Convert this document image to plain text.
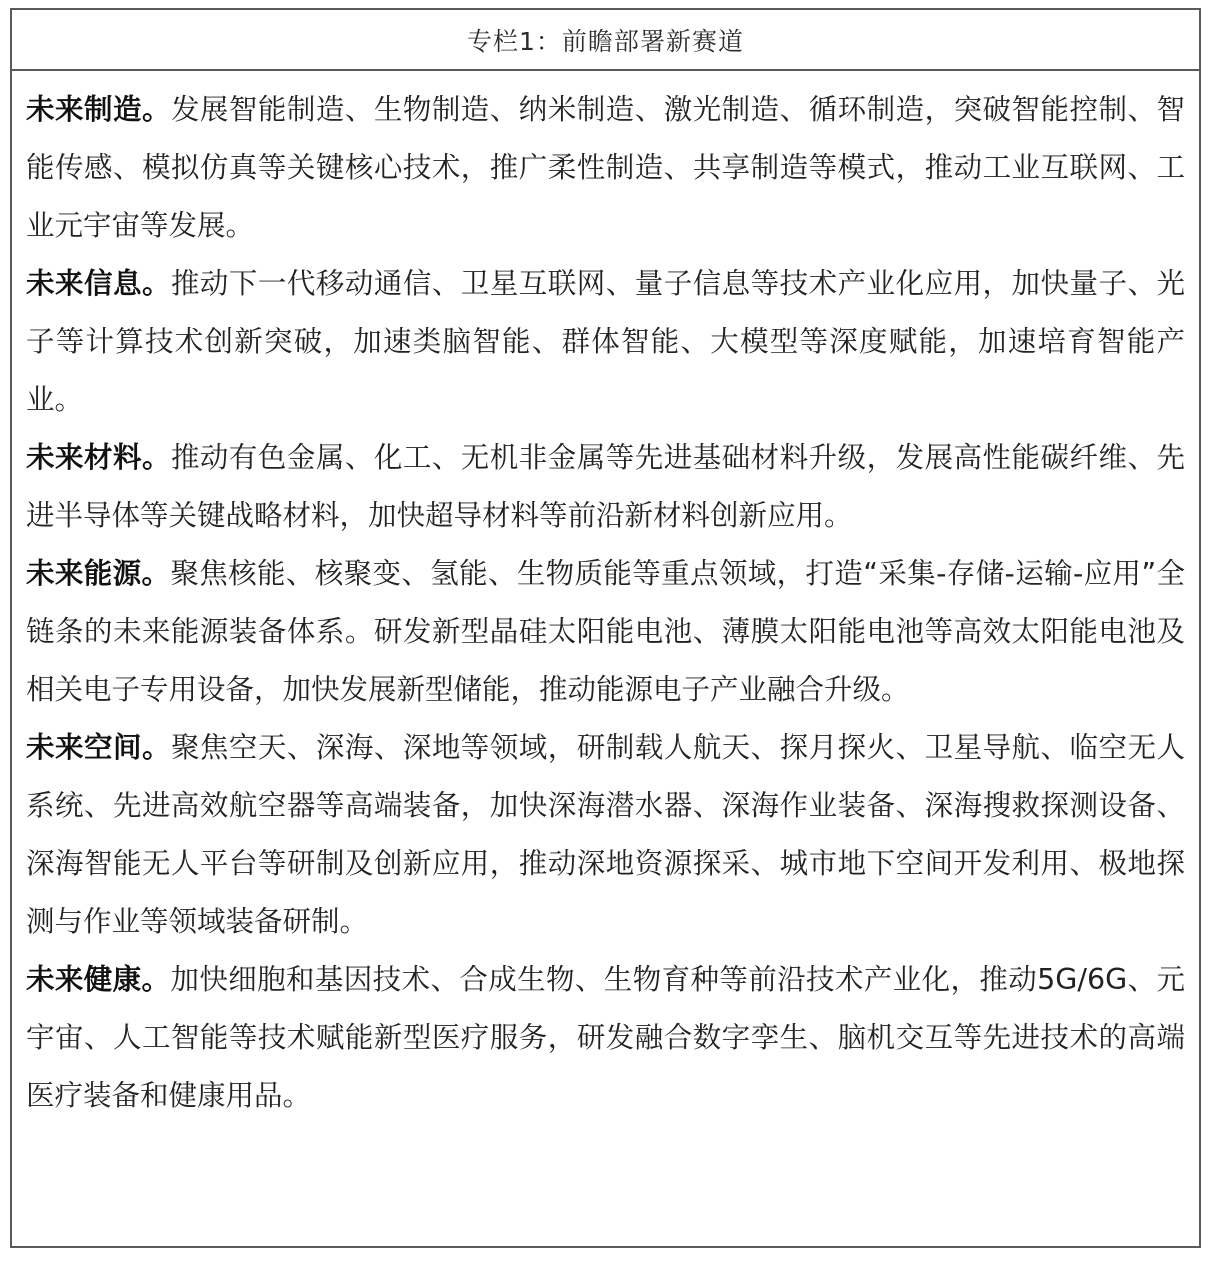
专栏1：前瞻部署新赛道
未来制造。发展智能制造、生物制造、纳米制造、激光制造、循环制造，突破智能控制、智能传感、模拟仿真等关键核心技术，推广柔性制造、共享制造等模式，推动工业互联网、工业元宇宙等发展。
未来信息。推动下一代移动通信、卫星互联网、量子信息等技术产业化应用，加快量子、光子等计算技术创新突破，加速类脑智能、群体智能、大模型等深度赋能，加速培育智能产业。
未来材料。推动有色金属、化工、无机非金属等先进基础材料升级，发展高性能碳纤维、先进半导体等关键战略材料，加快超导材料等前沿新材料创新应用。
未来能源。聚焦核能、核聚变、氢能、生物质能等重点领域，打造“采集-存储-运输-应用”全链条的未来能源装备体系。研发新型晶硅太阳能电池、薄膜太阳能电池等高效太阳能电池及相关电子专用设备，加快发展新型储能，推动能源电子产业融合升级。
未来空间。聚焦空天、深海、深地等领域，研制载人航天、探月探火、卫星导航、临空无人系统、先进高效航空器等高端装备，加快深海潜水器、深海作业装备、深海搜救探测设备、深海智能无人平台等研制及创新应用，推动深地资源探采、城市地下空间开发利用、极地探测与作业等领域装备研制。
未来健康。加快细胞和基因技术、合成生物、生物育种等前沿技术产业化，推动5G/6G、元宇宙、人工智能等技术赋能新型医疗服务，研发融合数字孪生、脑机交互等先进技术的高端医疗装备和健康用品。
